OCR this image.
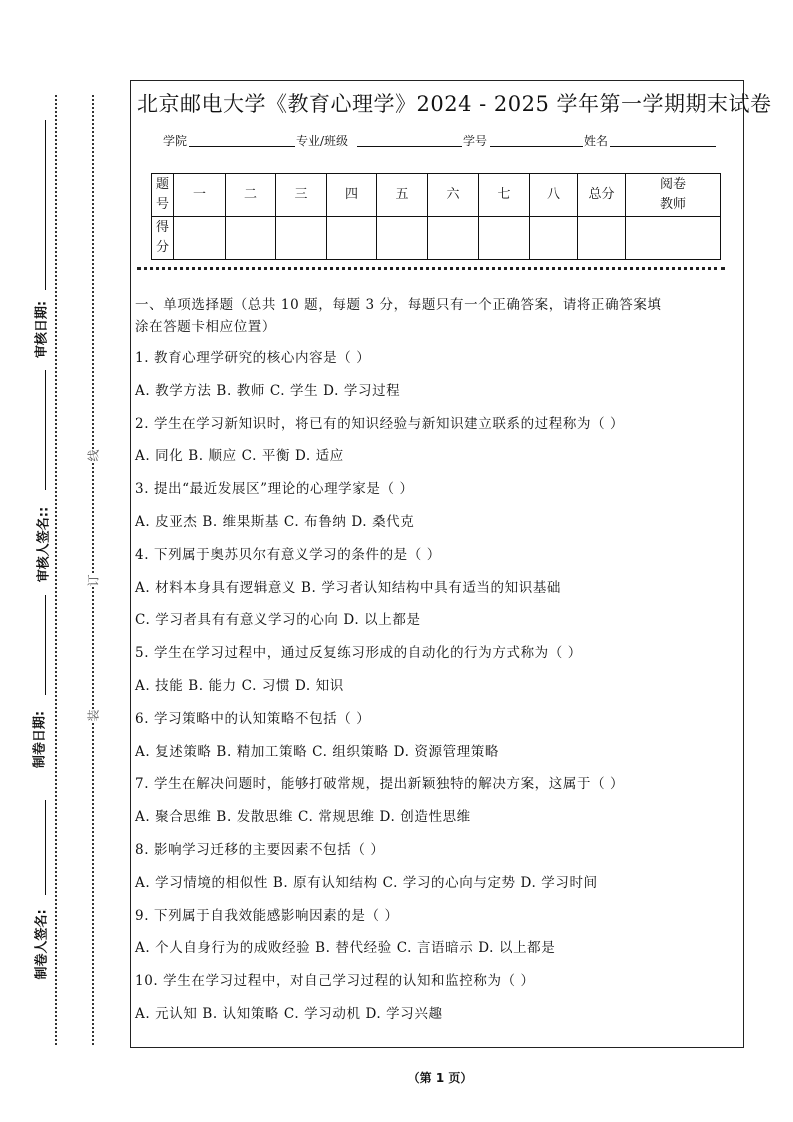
审核日期:
审核人签名::
制卷日期:
制卷人签名:
线
订
装
北京邮电大学《教育心理学》2024 - 2025 学年第一学期期末试卷
学院	专业/班级	学号	姓名
题号	一	二	三	四	五	六	七	八	总分	阅卷教师
得分										
一、单项选择题（总共 10 题，每题 3 分，每题只有一个正确答案，请将正确答案填
涂在答题卡相应位置）
1. 教育心理学研究的核心内容是（ ）
A. 教学方法 B. 教师 C. 学生 D. 学习过程
2. 学生在学习新知识时，将已有的知识经验与新知识建立联系的过程称为（ ）
A. 同化 B. 顺应 C. 平衡 D. 适应
3. 提出“最近发展区”理论的心理学家是（ ）
A. 皮亚杰 B. 维果斯基 C. 布鲁纳 D. 桑代克
4. 下列属于奥苏贝尔有意义学习的条件的是（ ）
A. 材料本身具有逻辑意义 B. 学习者认知结构中具有适当的知识基础
C. 学习者具有有意义学习的心向 D. 以上都是
5. 学生在学习过程中，通过反复练习形成的自动化的行为方式称为（ ）
A. 技能 B. 能力 C. 习惯 D. 知识
6. 学习策略中的认知策略不包括（ ）
A. 复述策略 B. 精加工策略 C. 组织策略 D. 资源管理策略
7. 学生在解决问题时，能够打破常规，提出新颖独特的解决方案，这属于（ ）
A. 聚合思维 B. 发散思维 C. 常规思维 D. 创造性思维
8. 影响学习迁移的主要因素不包括（ ）
A. 学习情境的相似性 B. 原有认知结构 C. 学习的心向与定势 D. 学习时间
9. 下列属于自我效能感影响因素的是（ ）
A. 个人自身行为的成败经验 B. 替代经验 C. 言语暗示 D. 以上都是
10. 学生在学习过程中，对自己学习过程的认知和监控称为（ ）
A. 元认知 B. 认知策略 C. 学习动机 D. 学习兴趣
（第 1 页）
